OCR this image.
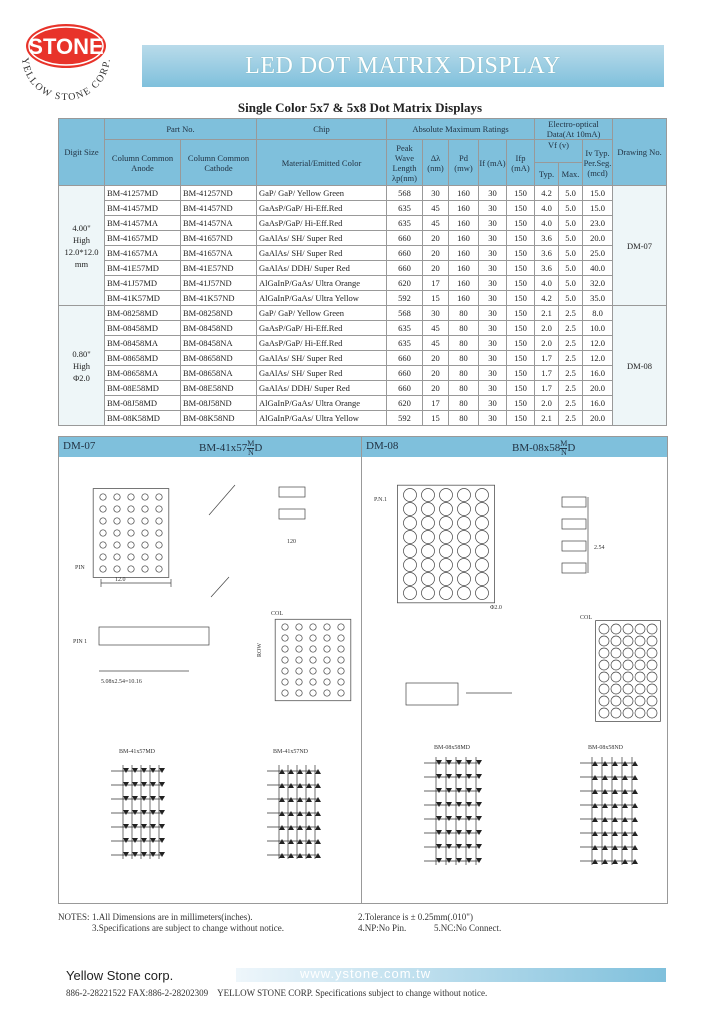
STONE
YELLOW STONE CORP.	LED DOT MATRIX DISPLAY
Single Color 5x7 & 5x8 Dot Matrix Displays
Digit Size	Part No.		Chip	Absolute Maximum Ratings					Electro-optical Data(At 10mA)			Drawing No.
	Column Common Anode	Column Common Cathode	Material/Emitted Color	Peak Wave Length λp(nm)	Δλ (nm)	Pd (mw)	If (mA)	Ifp (mA)	Vf (v)
Typ. Max.		Iv Typ. Per.Seg. (mcd)	

4.00"
High
12.0*12.0
mm	BM-41257MD	BM-41257ND	GaP/ GaP/ Yellow Green	568	30	160	30	150	4.2	5.0	15.0	DM-07
	BM-41457MD	BM-41457ND	GaAsP/GaP/ Hi-Eff.Red	635	45	160	30	150	4.0	5.0	15.0	
	BM-41457MA	BM-41457NA	GaAsP/GaP/ Hi-Eff.Red	635	45	160	30	150	4.0	5.0	23.0	
	BM-41657MD	BM-41657ND	GaAlAs/ SH/ Super Red	660	20	160	30	150	3.6	5.0	20.0	
	BM-41657MA	BM-41657NA	GaAlAs/ SH/ Super Red	660	20	160	30	150	3.6	5.0	25.0	
	BM-41E57MD	BM-41E57ND	GaAlAs/ DDH/ Super Red	660	20	160	30	150	3.6	5.0	40.0	
	BM-41J57MD	BM-41J57ND	AlGaInP/GaAs/ Ultra Orange	620	17	160	30	150	4.0	5.0	32.0	
	BM-41K57MD	BM-41K57ND	AlGaInP/GaAs/ Ultra Yellow	592	15	160	30	150	4.2	5.0	35.0	

0.80"
High
Φ2.0	BM-08258MD	BM-08258ND	GaP/ GaP/ Yellow Green	568	30	80	30	150	2.1	2.5	8.0	DM-08
	BM-08458MD	BM-08458ND	GaAsP/GaP/ Hi-Eff.Red	635	45	80	30	150	2.0	2.5	10.0	
	BM-08458MA	BM-08458NA	GaAsP/GaP/ Hi-Eff.Red	635	45	80	30	150	2.0	2.5	12.0	
	BM-08658MD	BM-08658ND	GaAlAs/ SH/ Super Red	660	20	80	30	150	1.7	2.5	12.0	
	BM-08658MA	BM-08658NA	GaAlAs/ SH/ Super Red	660	20	80	30	150	1.7	2.5	16.0	
	BM-08E58MD	BM-08E58ND	GaAlAs/ DDH/ Super Red	660	20	80	30	150	1.7	2.5	20.0	
	BM-08J58MD	BM-08J58ND	AlGaInP/GaAs/ Ultra Orange	620	17	80	30	150	2.0	2.5	16.0	
	BM-08K58MD	BM-08K58ND	AlGaInP/GaAs/ Ultra Yellow	592	15	80	30	150	2.1	2.5	20.0	
DM-07	$BM-41x57 \frac{M}{N}$ D	DM-08	$BM-08x58 \frac{M}{N}$ D
12.0
PIN
PIN 1
5.08x2.54=10.16
120
COL
ROW
BM-41x57MD	BM-41x57ND
P.N.1
Φ2.0
2.54
COL
BM-08x58MD	BM-08x58ND
NOTES: 1.All Dimensions are in millimeters(inches).	2.Tolerance is ± 0.25mm(.010")
3.Specifications are subject to change without notice.	4.NP:No Pin.	5.NC:No Connect.
Yellow Stone corp.	www.ystone.com.tw
886-2-28221522 FAX:886-2-28202309 YELLOW STONE CORP. Specifications subject to change without notice.
